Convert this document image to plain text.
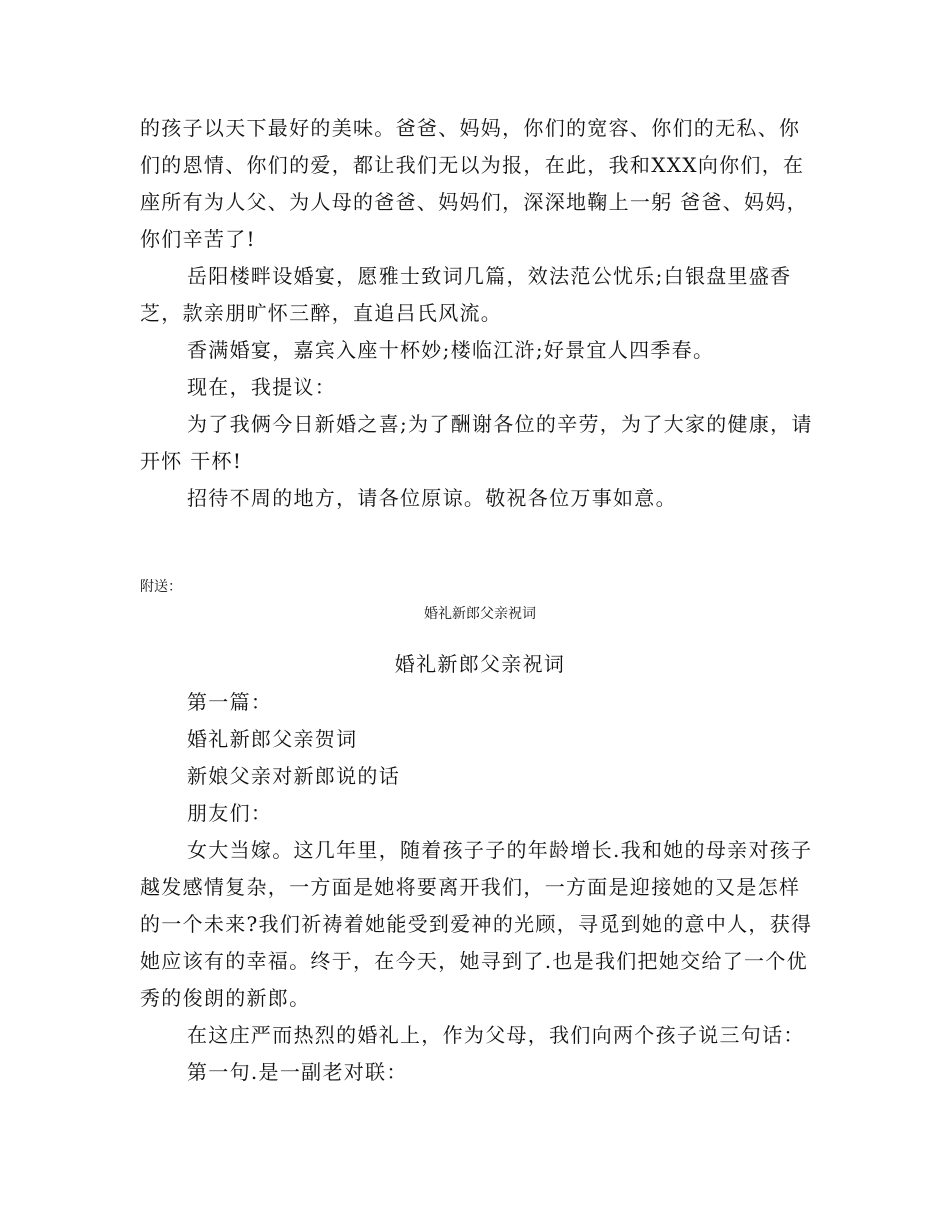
的孩子以天下最好的美味。爸爸、妈妈，你们的宽容、你们的无私、你们的恩情、你们的爱，都让我们无以为报，在此，我和XXX向你们，在座所有为人父、为人母的爸爸、妈妈们，深深地鞠上一躬 爸爸、妈妈，你们辛苦了!

岳阳楼畔设婚宴，愿雅士致词几篇，效法范公忧乐;白银盘里盛香芝，款亲朋旷怀三醉，直追吕氏风流。

香满婚宴，嘉宾入座十杯妙;楼临江浒;好景宜人四季春。

现在，我提议：

为了我俩今日新婚之喜;为了酬谢各位的辛劳，为了大家的健康，请开怀 干杯!

招待不周的地方，请各位原谅。敬祝各位万事如意。

附送：

婚礼新郎父亲祝词

婚礼新郎父亲祝词

第一篇：

婚礼新郎父亲贺词

新娘父亲对新郎说的话

朋友们：

女大当嫁。这几年里，随着孩子子的年龄增长.我和她的母亲对孩子越发感情复杂，一方面是她将要离开我们，一方面是迎接她的又是怎样的一个未来?我们祈祷着她能受到爱神的光顾，寻觅到她的意中人，获得她应该有的幸福。终于，在今天，她寻到了.也是我们把她交给了一个优秀的俊朗的新郎。

在这庄严而热烈的婚礼上，作为父母，我们向两个孩子说三句话：

第一句.是一副老对联：
